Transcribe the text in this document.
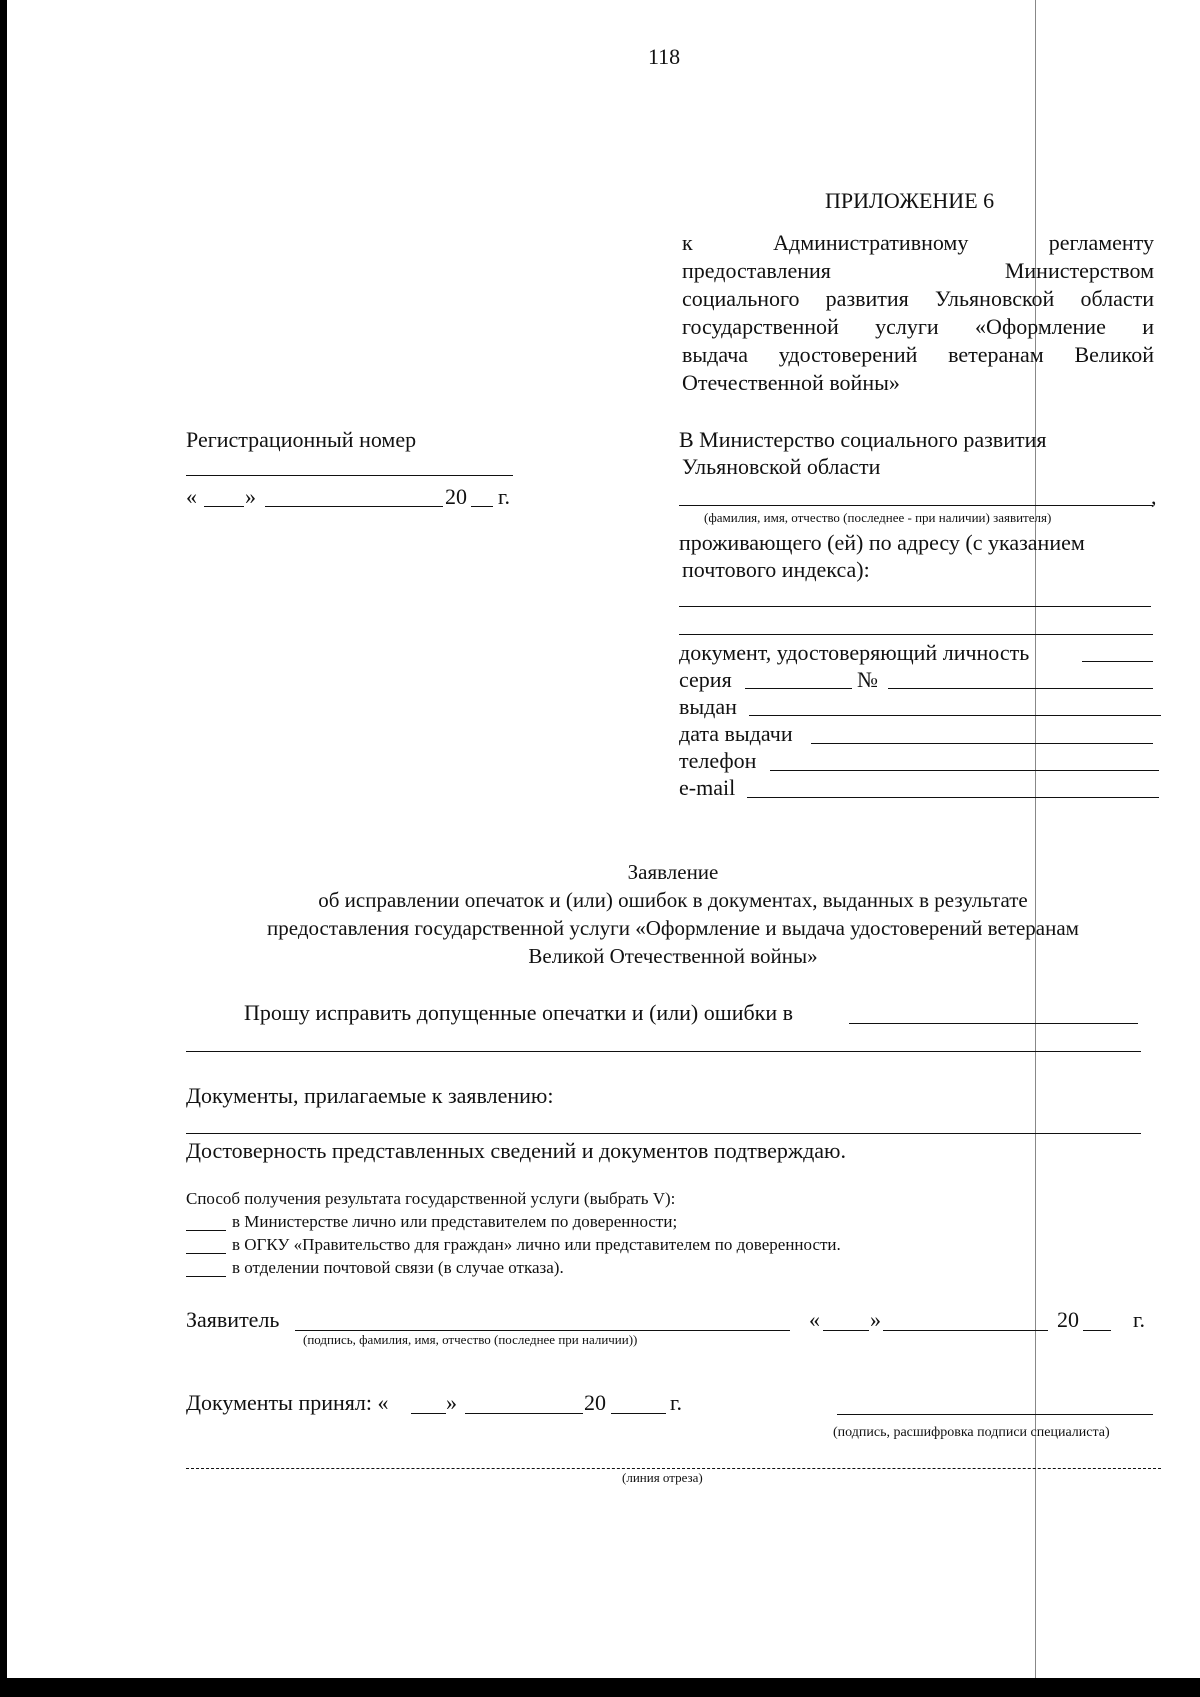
118
ПРИЛОЖЕНИЕ 6
к Административному регламенту
предоставления Министерством
социального развития Ульяновской области
государственной услуги «Оформление и
выдача удостоверений ветеранам Великой
Отечественной войны»
Регистрационный номер
« »	20 г.
В Министерство социального развития
Ульяновской области
,
(фамилия, имя, отчество (последнее - при наличии) заявителя)
проживающего (ей) по адресу (с указанием
почтового индекса):
документ, удостоверяющий личность
серия	№
выдан
дата выдачи
телефон
e-mail
Заявление
об исправлении опечаток и (или) ошибок в документах, выданных в результате
предоставления государственной услуги «Оформление и выдача удостоверений ветеранам
Великой Отечественной войны»
Прошу исправить допущенные опечатки и (или) ошибки в
Документы, прилагаемые к заявлению:
Достоверность представленных сведений и документов подтверждаю.
Способ получения результата государственной услуги (выбрать V):
в Министерстве лично или представителем по доверенности;
в ОГКУ «Правительство для граждан» лично или представителем по доверенности.
в отделении почтовой связи (в случае отказа).
Заявитель
(подпись, фамилия, имя, отчество (последнее при наличии))
« »	20 г.
Документы принял: «	»	20	г.
(подпись, расшифровка подписи специалиста)
(линия отреза)
